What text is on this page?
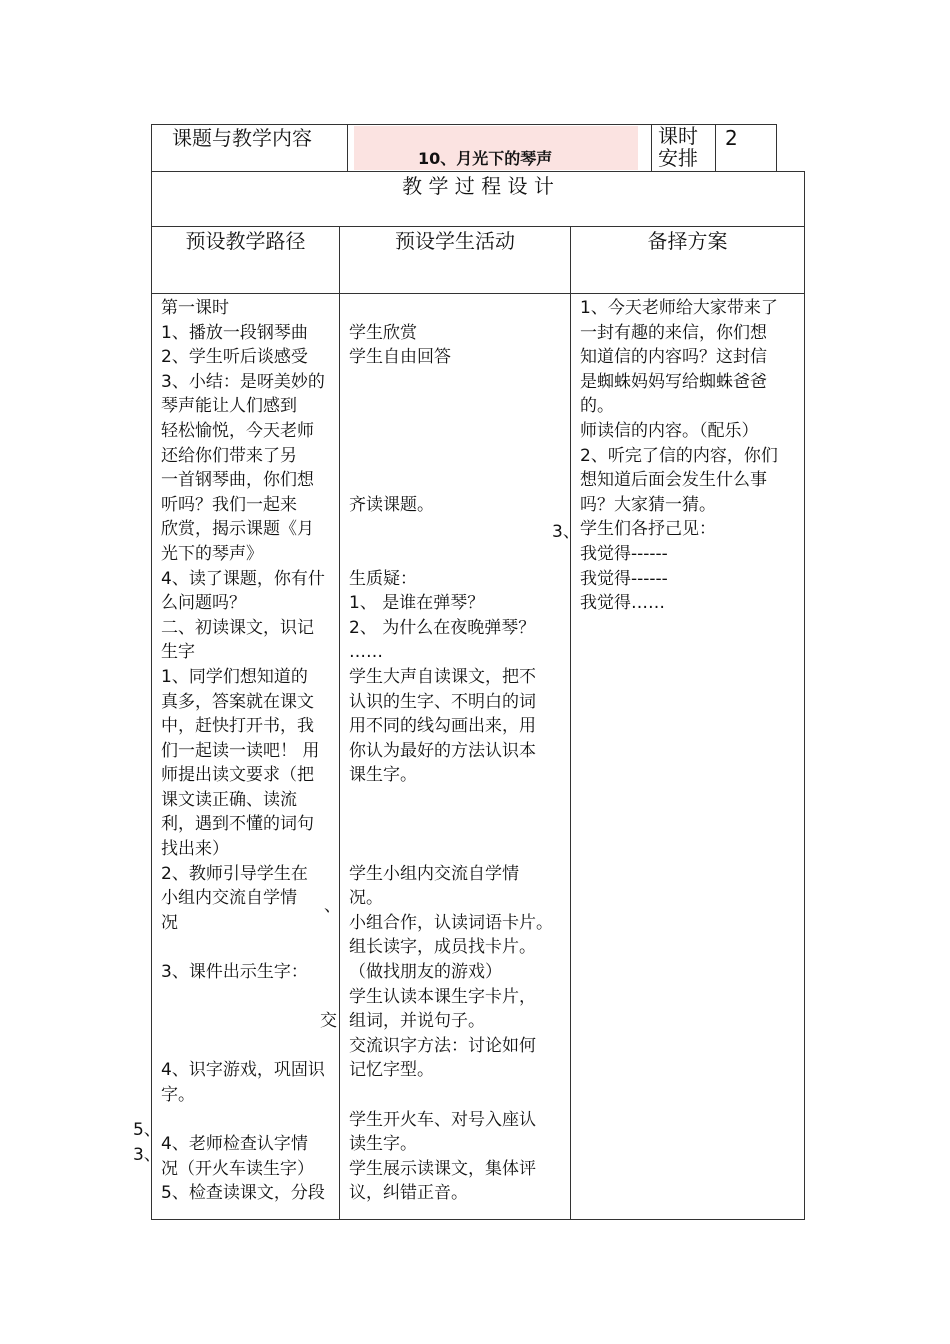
课题与教学内容
10、月光下的琴声
课时
安排
2
教 学 过 程 设 计
预设教学路径	预设学生活动	备择方案
第一课时
1、播放一段钢琴曲
2、学生听后谈感受
3、小结：是呀美妙的
琴声能让人们感到
轻松愉悦，今天老师
还给你们带来了另
一首钢琴曲，你们想
听吗？我们一起来
欣赏，揭示课题《月
光下的琴声》
4、读了课题，你有什
么问题吗？
二、初读课文，识记
生字
1、同学们想知道的
真多，答案就在课文
中，赶快打开书，我
们一起读一读吧！ 用
师提出读文要求（把
课文读正确、读流
利，遇到不懂的词句
找出来）
2、教师引导学生在
小组内交流自学情
况

3、课件出示生字：

交

4、识字游戏，巩固识
字。

4、老师检查认字情
况（开火车读生字）
5、检查读课文，分段

学生欣赏
学生自由回答

齐读课题。

生质疑：
1、 是谁在弹琴？
2、 为什么在夜晚弹琴？
……
学生大声自读课文，把不
认识的生字、不明白的词
用不同的线勾画出来，用
你认为最好的方法认识本
课生字。

学生小组内交流自学情
况。
小组合作，认读词语卡片。
组长读字，成员找卡片。
（做找朋友的游戏）
学生认读本课生字卡片，
组词，并说句子。
交流识字方法：讨论如何
记忆字型。

学生开火车、对号入座认
读生字。
学生展示读课文，集体评
议，纠错正音。
1、今天老师给大家带来了
一封有趣的来信，你们想
知道信的内容吗？这封信
是蜘蛛妈妈写给蜘蛛爸爸
的。
师读信的内容。（配乐）
2、听完了信的内容，你们
想知道后面会发生什么事
吗？大家猜一猜。
学生们各抒己见：
我觉得------
我觉得------
我觉得……
3、
5、
3、
、
